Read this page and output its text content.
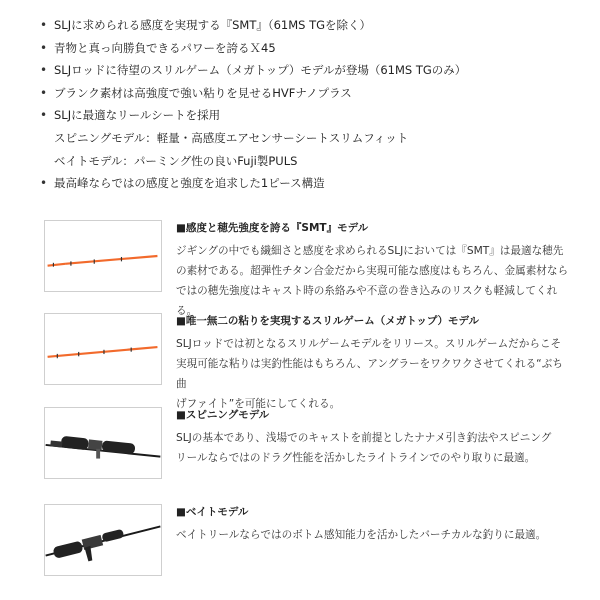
• SLJに求められる感度を実現する『SMT』（61MS TGを除く）
• 青物と真っ向勝負できるパワーを誇るＸ45
• SLJロッドに待望のスリルゲーム（メガトップ）モデルが登場（61MS TGのみ）
• ブランク素材は高強度で強い粘りを見せるHVFナノプラス
• SLJに最適なリールシートを採用
スピニングモデル：軽量・高感度エアセンサーシートスリムフィット
ベイトモデル：パーミング性の良いFuji製PULS
• 最高峰ならではの感度と強度を追求した1ピース構造
■感度と穂先強度を誇る『SMT』モデル
ジギングの中でも繊細さと感度を求められるSLJにおいては『SMT』は最適な穂先
の素材である。超弾性チタン合金だから実現可能な感度はもちろん、金属素材なら
ではの穂先強度はキャスト時の糸絡みや不意の巻き込みのリスクも軽減してくれる。
■唯一無二の粘りを実現するスリルゲーム（メガトップ）モデル
SLJロッドでは初となるスリルゲームモデルをリリース。スリルゲームだからこそ
実現可能な粘りは実釣性能はもちろん、アングラーをワクワクさせてくれる“ぶち曲
げファイト”を可能にしてくれる。
■スピニングモデル
SLJの基本であり、浅場でのキャストを前提としたナナメ引き釣法やスピニング
リールならではのドラグ性能を活かしたライトラインでのやり取りに最適。
■ベイトモデル
ベイトリールならではのボトム感知能力を活かしたバーチカルな釣りに最適。
